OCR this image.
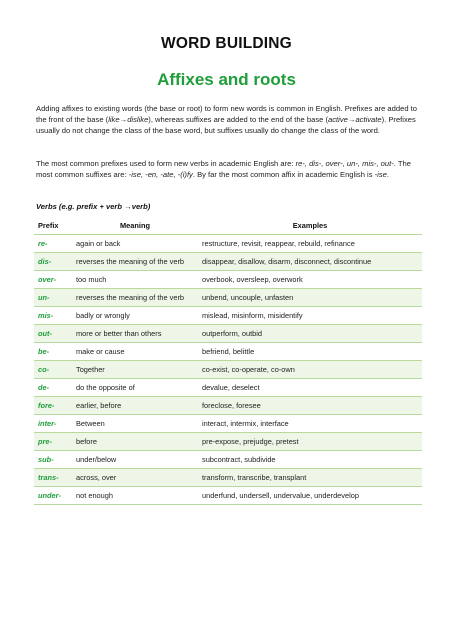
WORD BUILDING
Affixes and roots
Adding affixes to existing words (the base or root) to form new words is common in English. Prefixes are added to the front of the base (like→dislike), whereas suffixes are added to the end of the base (active→activate). Prefixes usually do not change the class of the base word, but suffixes usually do change the class of the word.
The most common prefixes used to form new verbs in academic English are: re-, dis-, over-, un-, mis-, out-. The most common suffixes are: -ise, -en, -ate, -(i)fy. By far the most common affix in academic English is -ise.
Verbs (e.g. prefix + verb →verb)
Prefix	Meaning	Examples
re-	again or back	restructure, revisit, reappear, rebuild, refinance
dis-	reverses the meaning of the verb	disappear, disallow, disarm, disconnect, discontinue
over-	too much	overbook, oversleep, overwork
un-	reverses the meaning of the verb	unbend, uncouple, unfasten
mis-	badly or wrongly	mislead, misinform, misidentify
out-	more or better than others	outperform, outbid
be-	make or cause	befriend, belittle
co-	Together	co-exist, co-operate, co-own
de-	do the opposite of	devalue, deselect
fore-	earlier, before	foreclose, foresee
inter-	Between	interact, intermix, interface
pre-	before	pre-expose, prejudge, pretest
sub-	under/below	subcontract, subdivide
trans-	across, over	transform, transcribe, transplant
under-	not enough	underfund, undersell, undervalue, underdevelop
